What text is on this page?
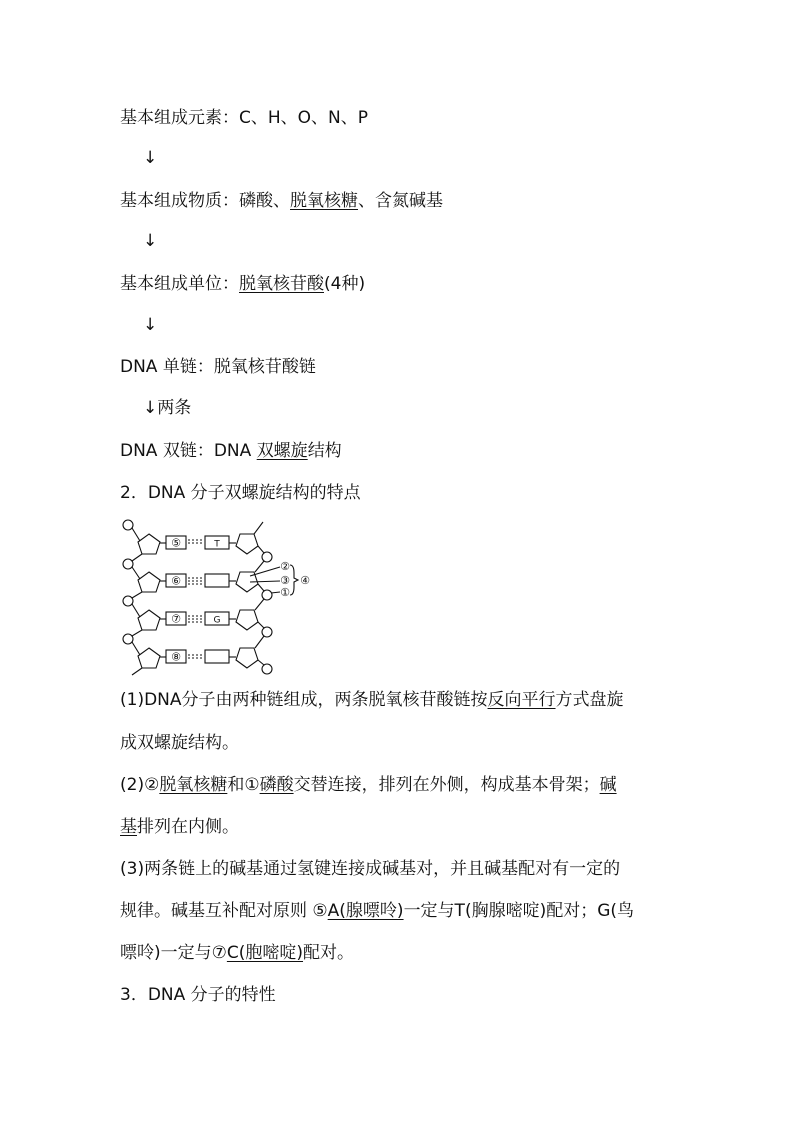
基本组成元素：C、H、O、N、P
↓
基本组成物质：磷酸、脱氧核糖、含氮碱基
↓
基本组成单位：脱氧核苷酸(4种)
↓
DNA 单链：脱氧核苷酸链
↓两条
DNA 双链：DNA 双螺旋结构
2．DNA 分子双螺旋结构的特点
⑤	T
⑥
⑦	G
⑧
②
③
①
④
(1)DNA分子由两种链组成，两条脱氧核苷酸链按反向平行方式盘旋
成双螺旋结构。
(2)②脱氧核糖和①磷酸交替连接，排列在外侧，构成基本骨架；碱
基排列在内侧。
(3)两条链上的碱基通过氢键连接成碱基对，并且碱基配对有一定的
规律。碱基互补配对原则 ⑤A(腺嘌呤)一定与T(胸腺嘧啶)配对；G(鸟
嘌呤)一定与⑦C(胞嘧啶)配对。
3．DNA 分子的特性
